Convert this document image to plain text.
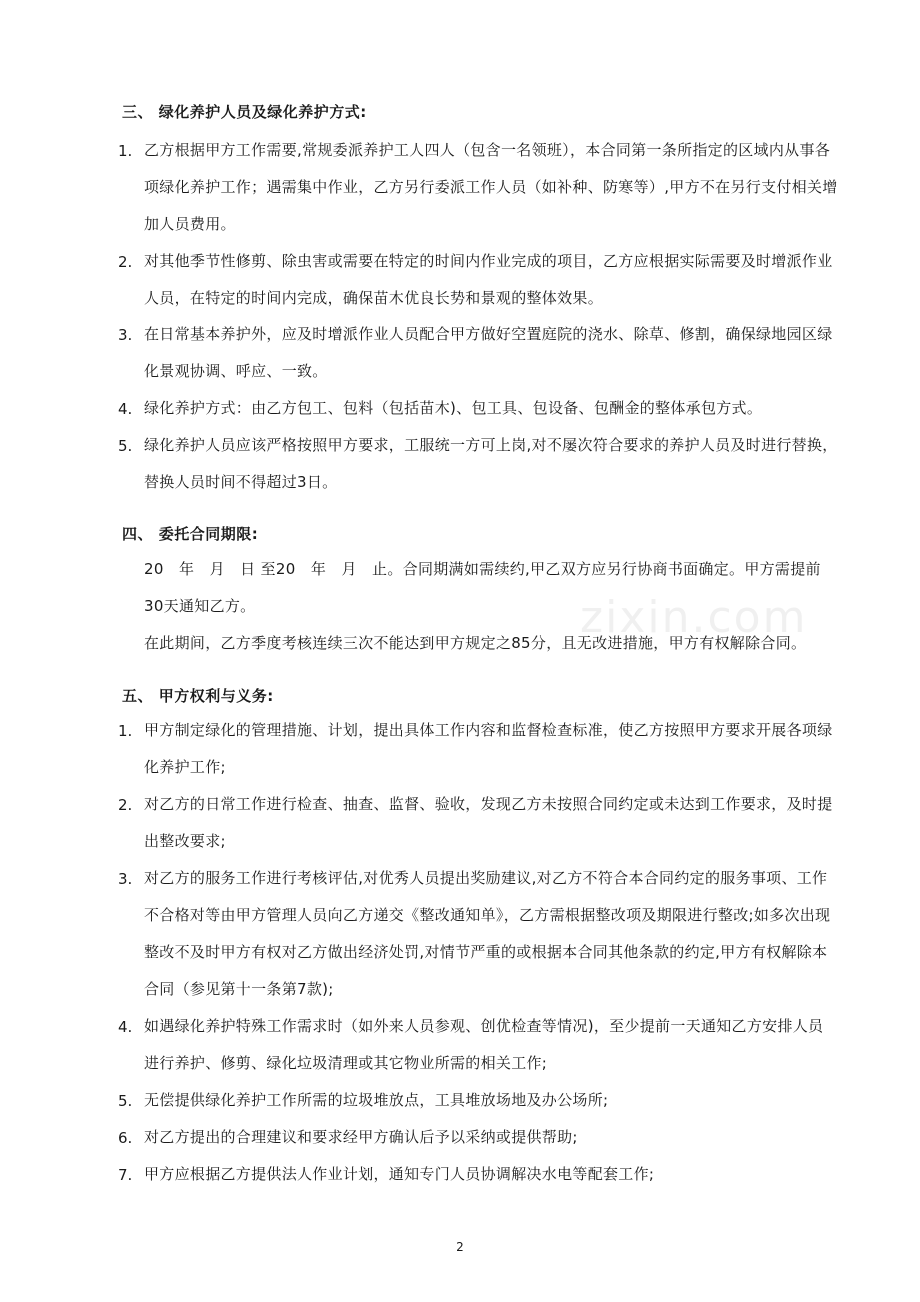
zixin.com
三、 绿化养护人员及绿化养护方式:
1. 乙方根据甲方工作需要,常规委派养护工人四人（包含一名领班），本合同第一条所指定的区域内从事各项绿化养护工作；遇需集中作业，乙方另行委派工作人员（如补种、防寒等）,甲方不在另行支付相关增加人员费用。
2. 对其他季节性修剪、除虫害或需要在特定的时间内作业完成的项目，乙方应根据实际需要及时增派作业人员，在特定的时间内完成，确保苗木优良长势和景观的整体效果。
3. 在日常基本养护外，应及时增派作业人员配合甲方做好空置庭院的浇水、除草、修割，确保绿地园区绿化景观协调、呼应、一致。
4. 绿化养护方式：由乙方包工、包料（包括苗木)、包工具、包设备、包酬金的整体承包方式。
5. 绿化养护人员应该严格按照甲方要求，工服统一方可上岗,对不屡次符合要求的养护人员及时进行替换，替换人员时间不得超过3日。
四、 委托合同期限:
20　年　月　日 至20　年　月　止。合同期满如需续约,甲乙双方应另行协商书面确定。甲方需提前30天通知乙方。
在此期间，乙方季度考核连续三次不能达到甲方规定之85分，且无改进措施，甲方有权解除合同。
五、 甲方权利与义务:
1. 甲方制定绿化的管理措施、计划，提出具体工作内容和监督检查标准，使乙方按照甲方要求开展各项绿化养护工作;
2. 对乙方的日常工作进行检查、抽查、监督、验收，发现乙方未按照合同约定或未达到工作要求，及时提出整改要求;
3. 对乙方的服务工作进行考核评估,对优秀人员提出奖励建议,对乙方不符合本合同约定的服务事项、工作不合格对等由甲方管理人员向乙方递交《整改通知单》，乙方需根据整改项及期限进行整改;如多次出现整改不及时甲方有权对乙方做出经济处罚,对情节严重的或根据本合同其他条款的约定,甲方有权解除本合同（参见第十一条第7款);
4. 如遇绿化养护特殊工作需求时（如外来人员参观、创优检查等情况)，至少提前一天通知乙方安排人员进行养护、修剪、绿化垃圾清理或其它物业所需的相关工作;
5. 无偿提供绿化养护工作所需的垃圾堆放点，工具堆放场地及办公场所;
6. 对乙方提出的合理建议和要求经甲方确认后予以采纳或提供帮助;
7. 甲方应根据乙方提供法人作业计划，通知专门人员协调解决水电等配套工作;
2
